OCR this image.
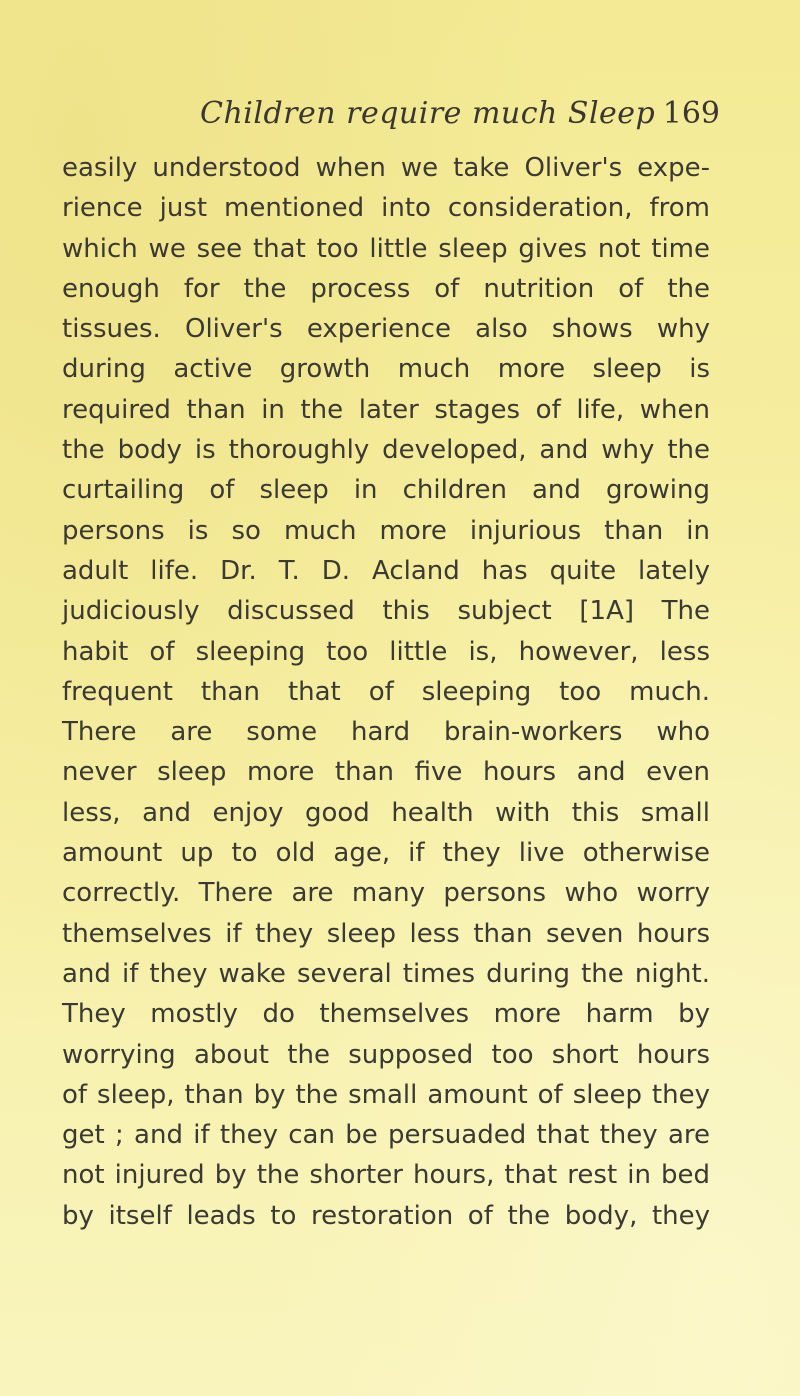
Children require much Sleep 169
easily understood when we take Oliver's expe-
rience just mentioned into consideration, from
which we see that too little sleep gives not time
enough for the process of nutrition of the
tissues. Oliver's experience also shows why
during active growth much more sleep is
required than in the later stages of life, when
the body is thoroughly developed, and why the
curtailing of sleep in children and growing
persons is so much more injurious than in
adult life. Dr. T. D. Acland has quite lately
judiciously discussed this subject [1A] The
habit of sleeping too little is, however, less
frequent than that of sleeping too much.
There are some hard brain-workers who
never sleep more than five hours and even
less, and enjoy good health with this small
amount up to old age, if they live otherwise
correctly. There are many persons who worry
themselves if they sleep less than seven hours
and if they wake several times during the night.
They mostly do themselves more harm by
worrying about the supposed too short hours
of sleep, than by the small amount of sleep they
get ; and if they can be persuaded that they are
not injured by the shorter hours, that rest in bed
by itself leads to restoration of the body, they
